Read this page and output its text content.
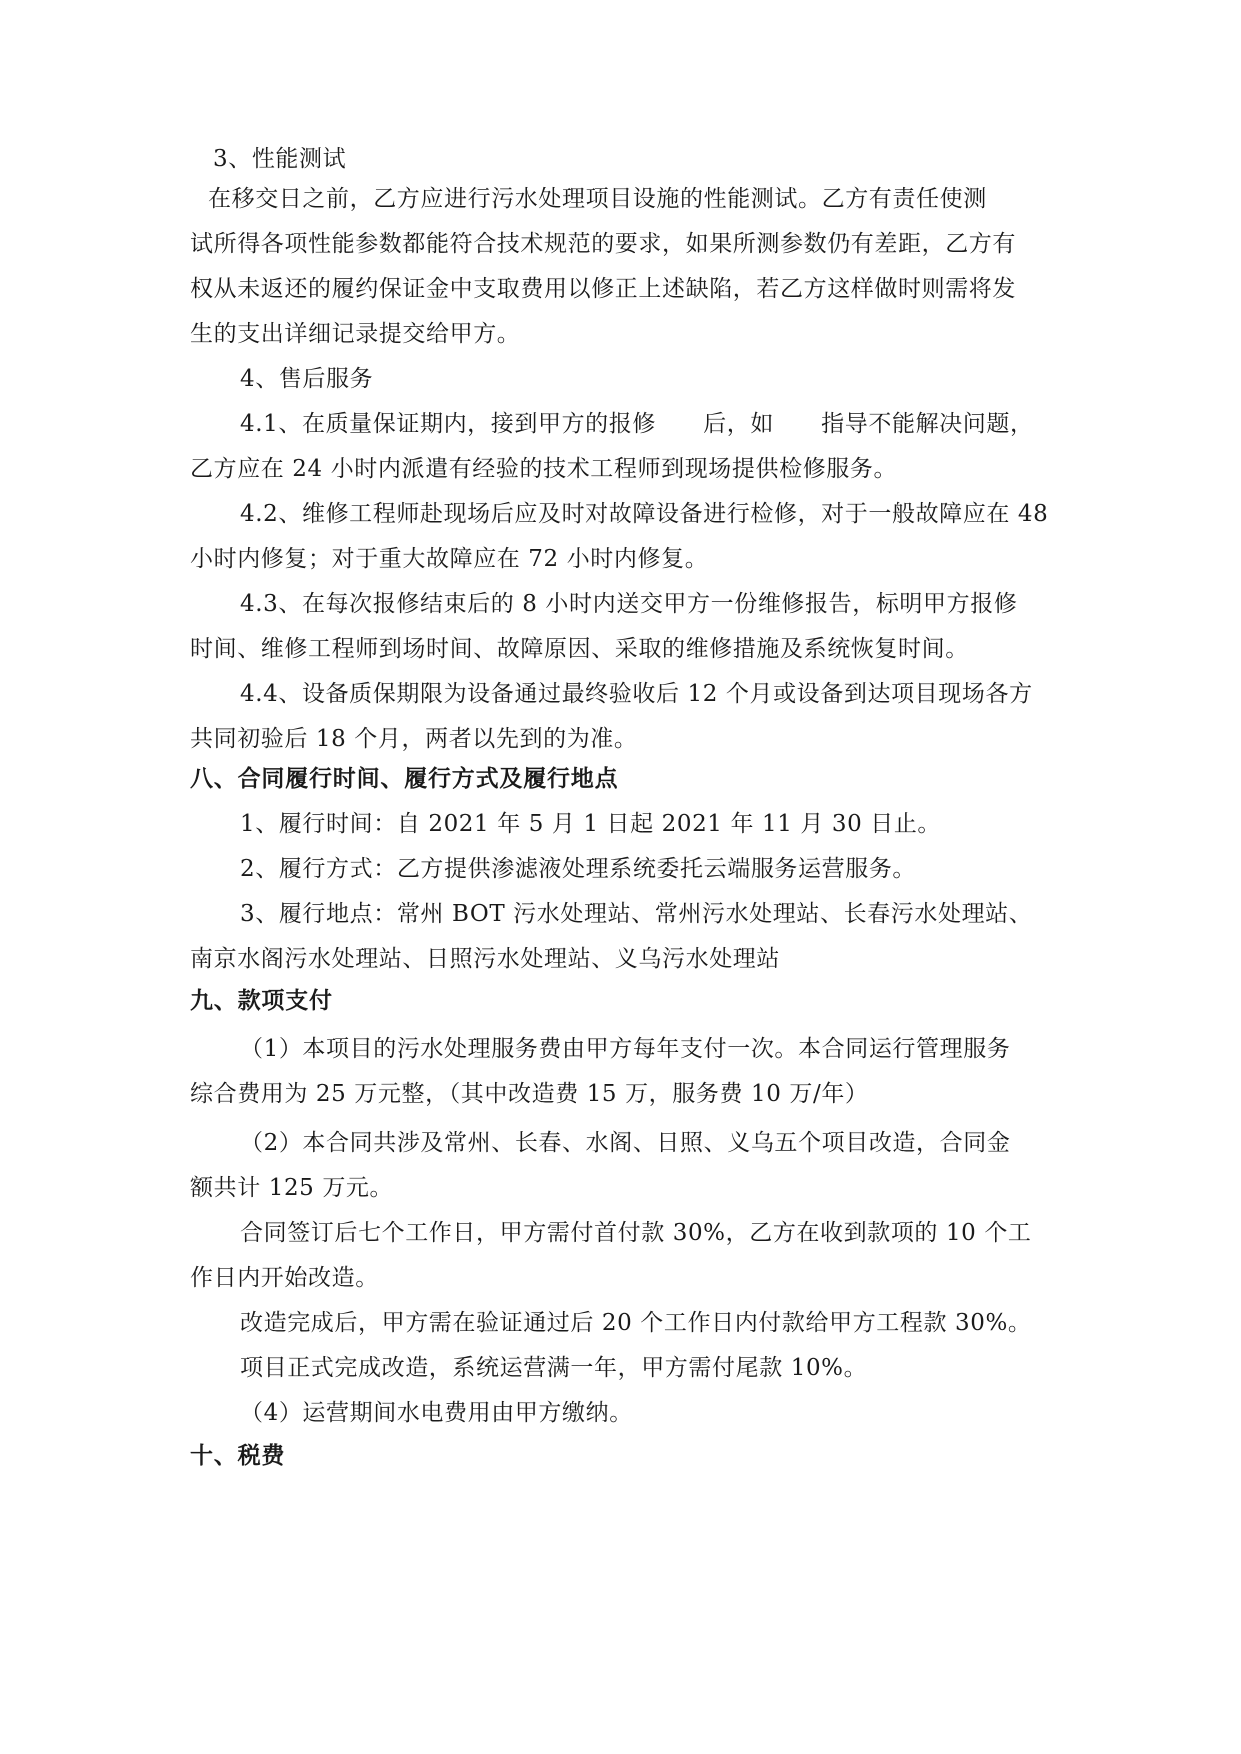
3、性能测试
在移交日之前，乙方应进行污水处理项目设施的性能测试。乙方有责任使测
试所得各项性能参数都能符合技术规范的要求，如果所测参数仍有差距，乙方有
权从未返还的履约保证金中支取费用以修正上述缺陷，若乙方这样做时则需将发
生的支出详细记录提交给甲方。
4、售后服务
4.1、在质量保证期内，接到甲方的报修　　后，如　　指导不能解决问题，
乙方应在 24 小时内派遣有经验的技术工程师到现场提供检修服务。
4.2、维修工程师赴现场后应及时对故障设备进行检修，对于一般故障应在 48
小时内修复；对于重大故障应在 72 小时内修复。
4.3、在每次报修结束后的 8 小时内送交甲方一份维修报告，标明甲方报修
时间、维修工程师到场时间、故障原因、采取的维修措施及系统恢复时间。
4.4、设备质保期限为设备通过最终验收后 12 个月或设备到达项目现场各方
共同初验后 18 个月，两者以先到的为准。
八、合同履行时间、履行方式及履行地点
1、履行时间：自 2021 年 5 月 1 日起 2021 年 11 月 30 日止。
2、履行方式：乙方提供渗滤液处理系统委托云端服务运营服务。
3、履行地点：常州 BOT 污水处理站、常州污水处理站、长春污水处理站、
南京水阁污水处理站、日照污水处理站、义乌污水处理站
九、款项支付
（1）本项目的污水处理服务费由甲方每年支付一次。本合同运行管理服务
综合费用为 25 万元整，（其中改造费 15 万，服务费 10 万/年）
（2）本合同共涉及常州、长春、水阁、日照、义乌五个项目改造，合同金
额共计 125 万元。
合同签订后七个工作日，甲方需付首付款 30%，乙方在收到款项的 10 个工
作日内开始改造。
改造完成后，甲方需在验证通过后 20 个工作日内付款给甲方工程款 30%。
项目正式完成改造，系统运营满一年，甲方需付尾款 10%。
（4）运营期间水电费用由甲方缴纳。
十、税费
